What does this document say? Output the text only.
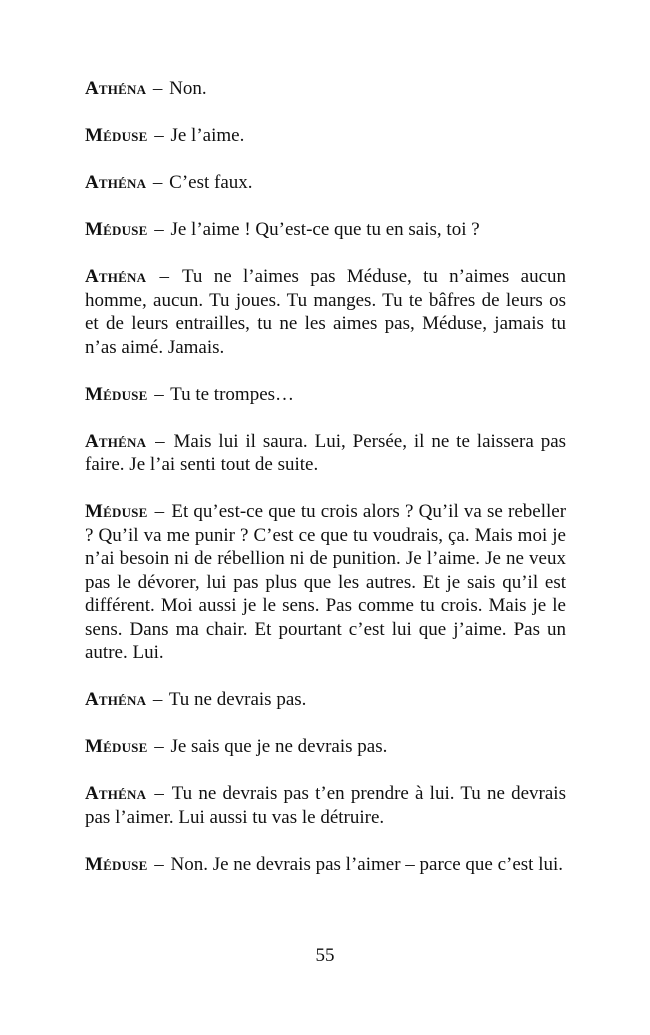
Athéna – Non.

Méduse – Je l’aime.

Athéna – C’est faux.

Méduse – Je l’aime ! Qu’est-ce que tu en sais, toi ?

Athéna – Tu ne l’aimes pas Méduse, tu n’aimes aucun homme, aucun. Tu joues. Tu manges. Tu te bâfres de leurs os et de leurs entrailles, tu ne les aimes pas, Méduse, jamais tu n’as aimé. Jamais.

Méduse – Tu te trompes…

Athéna – Mais lui il saura. Lui, Persée, il ne te laissera pas faire. Je l’ai senti tout de suite.

Méduse – Et qu’est-ce que tu crois alors ? Qu’il va se rebeller ? Qu’il va me punir ? C’est ce que tu voudrais, ça. Mais moi je n’ai besoin ni de rébellion ni de punition. Je l’aime. Je ne veux pas le dévorer, lui pas plus que les autres. Et je sais qu’il est différent. Moi aussi je le sens. Pas comme tu crois. Mais je le sens. Dans ma chair. Et pourtant c’est lui que j’aime. Pas un autre. Lui.

Athéna – Tu ne devrais pas.

Méduse – Je sais que je ne devrais pas.

Athéna – Tu ne devrais pas t’en prendre à lui. Tu ne devrais pas l’aimer. Lui aussi tu vas le détruire.

Méduse – Non. Je ne devrais pas l’aimer – parce que c’est lui.

55
